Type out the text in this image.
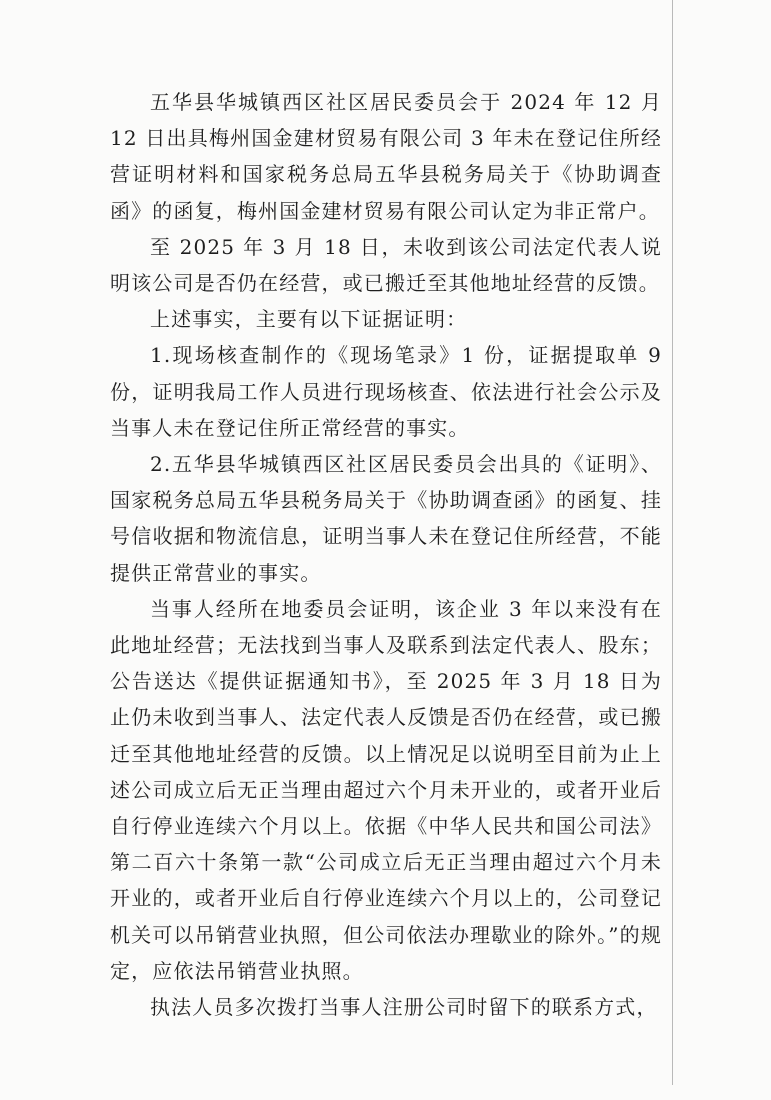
五华县华城镇西区社区居民委员会于 2024 年 12 月 12 日出具梅州国金建材贸易有限公司 3 年未在登记住所经营证明材料和国家税务总局五华县税务局关于《协助调查函》的函复，梅州国金建材贸易有限公司认定为非正常户。

至 2025 年 3 月 18 日，未收到该公司法定代表人说明该公司是否仍在经营，或已搬迁至其他地址经营的反馈。

上述事实，主要有以下证据证明：

1.现场核查制作的《现场笔录》1 份，证据提取单 9 份，证明我局工作人员进行现场核查、依法进行社会公示及当事人未在登记住所正常经营的事实。

2.五华县华城镇西区社区居民委员会出具的《证明》、国家税务总局五华县税务局关于《协助调查函》的函复、挂号信收据和物流信息，证明当事人未在登记住所经营，不能提供正常营业的事实。

当事人经所在地委员会证明，该企业 3 年以来没有在此地址经营；无法找到当事人及联系到法定代表人、股东；公告送达《提供证据通知书》，至 2025 年 3 月 18 日为止仍未收到当事人、法定代表人反馈是否仍在经营，或已搬迁至其他地址经营的反馈。以上情况足以说明至目前为止上述公司成立后无正当理由超过六个月未开业的，或者开业后自行停业连续六个月以上。依据《中华人民共和国公司法》第二百六十条第一款“公司成立后无正当理由超过六个月未开业的，或者开业后自行停业连续六个月以上的，公司登记机关可以吊销营业执照，但公司依法办理歇业的除外。”的规定，应依法吊销营业执照。

执法人员多次拨打当事人注册公司时留下的联系方式，
